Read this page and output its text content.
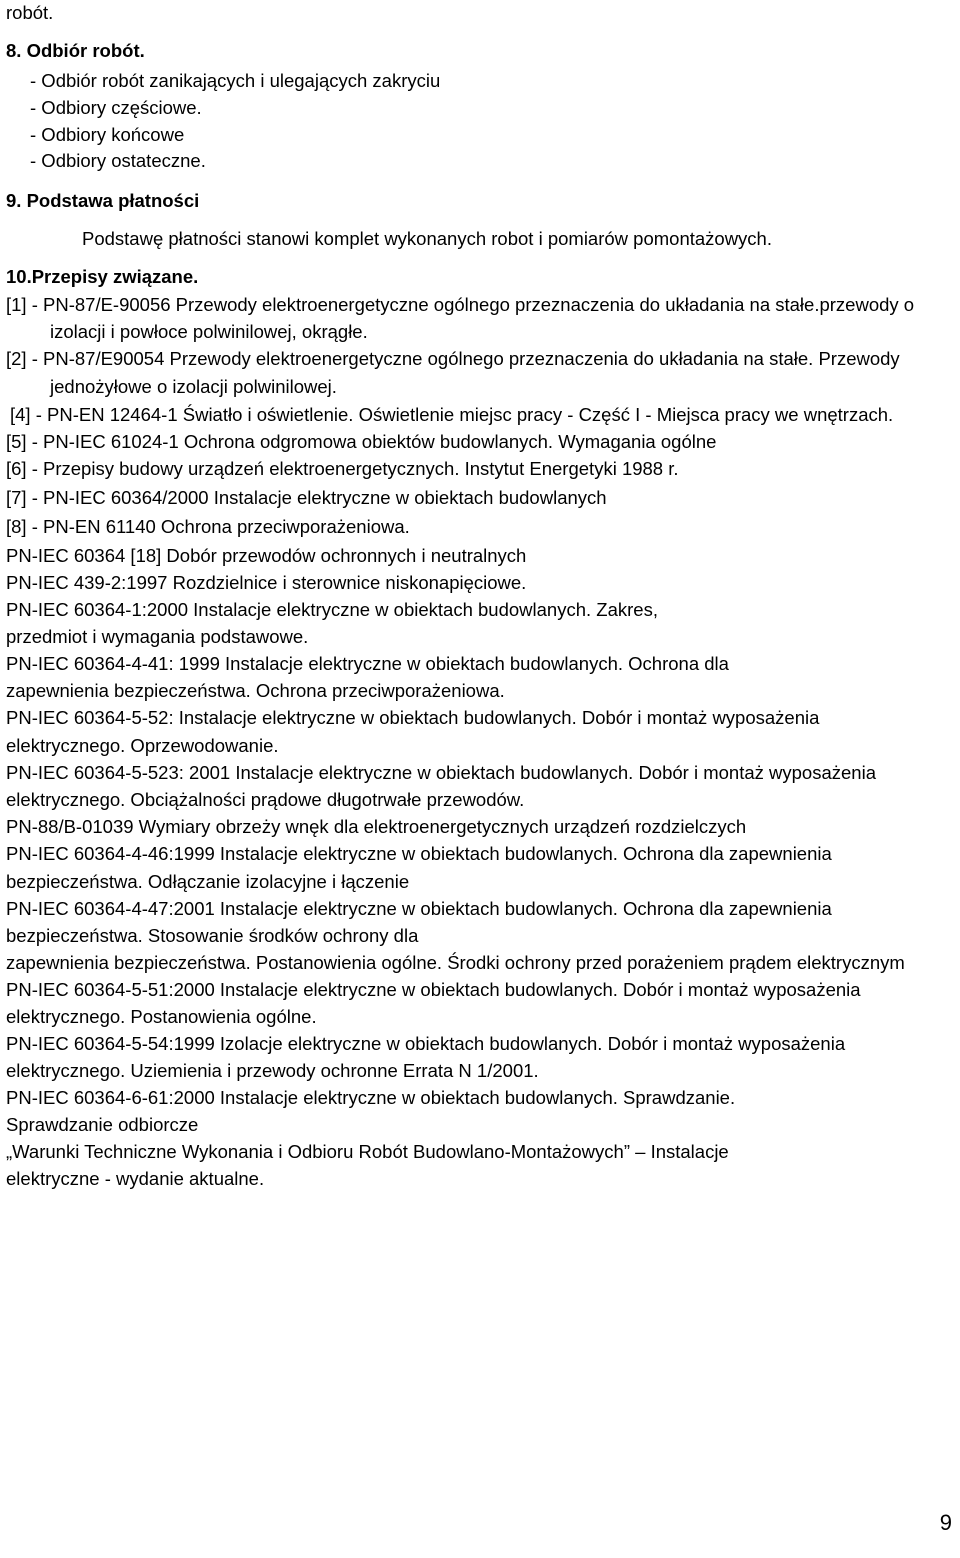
robót.
8. Odbiór robót.
- Odbiór robót zanikających i ulegających zakryciu
- Odbiory częściowe.
- Odbiory końcowe
- Odbiory ostateczne.
9. Podstawa płatności
Podstawę płatności stanowi komplet wykonanych robot i pomiarów pomontażowych.
10.Przepisy związane.
[1] - PN-87/E-90056 Przewody elektroenergetyczne ogólnego przeznaczenia do układania na stałe.przewody o
izolacji i powłoce polwinilowej, okrągłe.
[2] - PN-87/E90054 Przewody elektroenergetyczne ogólnego przeznaczenia do układania na stałe. Przewody
jednożyłowe o izolacji polwinilowej.
[4] - PN-EN 12464-1 Światło i oświetlenie. Oświetlenie miejsc pracy - Część I - Miejsca pracy we wnętrzach.
[5] - PN-IEC 61024-1 Ochrona odgromowa obiektów budowlanych. Wymagania ogólne
[6] - Przepisy budowy urządzeń elektroenergetycznych. Instytut Energetyki 1988 r.
[7] - PN-IEC 60364/2000 Instalacje elektryczne w obiektach budowlanych
[8] - PN-EN 61140 Ochrona przeciwporażeniowa.
PN-IEC 60364 [18] Dobór przewodów ochronnych i neutralnych
PN-IEC 439-2:1997 Rozdzielnice i sterownice niskonapięciowe.
PN-IEC 60364-1:2000 Instalacje elektryczne w obiektach budowlanych. Zakres,
przedmiot i wymagania podstawowe.
PN-IEC 60364-4-41: 1999 Instalacje elektryczne w obiektach budowlanych. Ochrona dla
zapewnienia bezpieczeństwa. Ochrona przeciwporażeniowa.
PN-IEC 60364-5-52: Instalacje elektryczne w obiektach budowlanych. Dobór i montaż wyposażenia
elektrycznego. Oprzewodowanie.
PN-IEC 60364-5-523: 2001 Instalacje elektryczne w obiektach budowlanych. Dobór i montaż wyposażenia
elektrycznego. Obciążalności prądowe długotrwałe przewodów.
PN-88/B-01039 Wymiary obrzeży wnęk dla elektroenergetycznych urządzeń rozdzielczych
PN-IEC 60364-4-46:1999 Instalacje elektryczne w obiektach budowlanych. Ochrona dla zapewnienia
bezpieczeństwa. Odłączanie izolacyjne i łączenie
PN-IEC 60364-4-47:2001 Instalacje elektryczne w obiektach budowlanych. Ochrona dla zapewnienia
bezpieczeństwa. Stosowanie środków ochrony dla
zapewnienia bezpieczeństwa. Postanowienia ogólne. Środki ochrony przed porażeniem prądem elektrycznym
PN-IEC 60364-5-51:2000 Instalacje elektryczne w obiektach budowlanych. Dobór i montaż wyposażenia
elektrycznego. Postanowienia ogólne.
PN-IEC 60364-5-54:1999 Izolacje elektryczne w obiektach budowlanych. Dobór i montaż wyposażenia
elektrycznego. Uziemienia i przewody ochronne Errata N 1/2001.
PN-IEC 60364-6-61:2000 Instalacje elektryczne w obiektach budowlanych. Sprawdzanie.
Sprawdzanie odbiorcze
„Warunki Techniczne Wykonania i Odbioru Robót Budowlano-Montażowych” – Instalacje
elektryczne - wydanie aktualne.
9
